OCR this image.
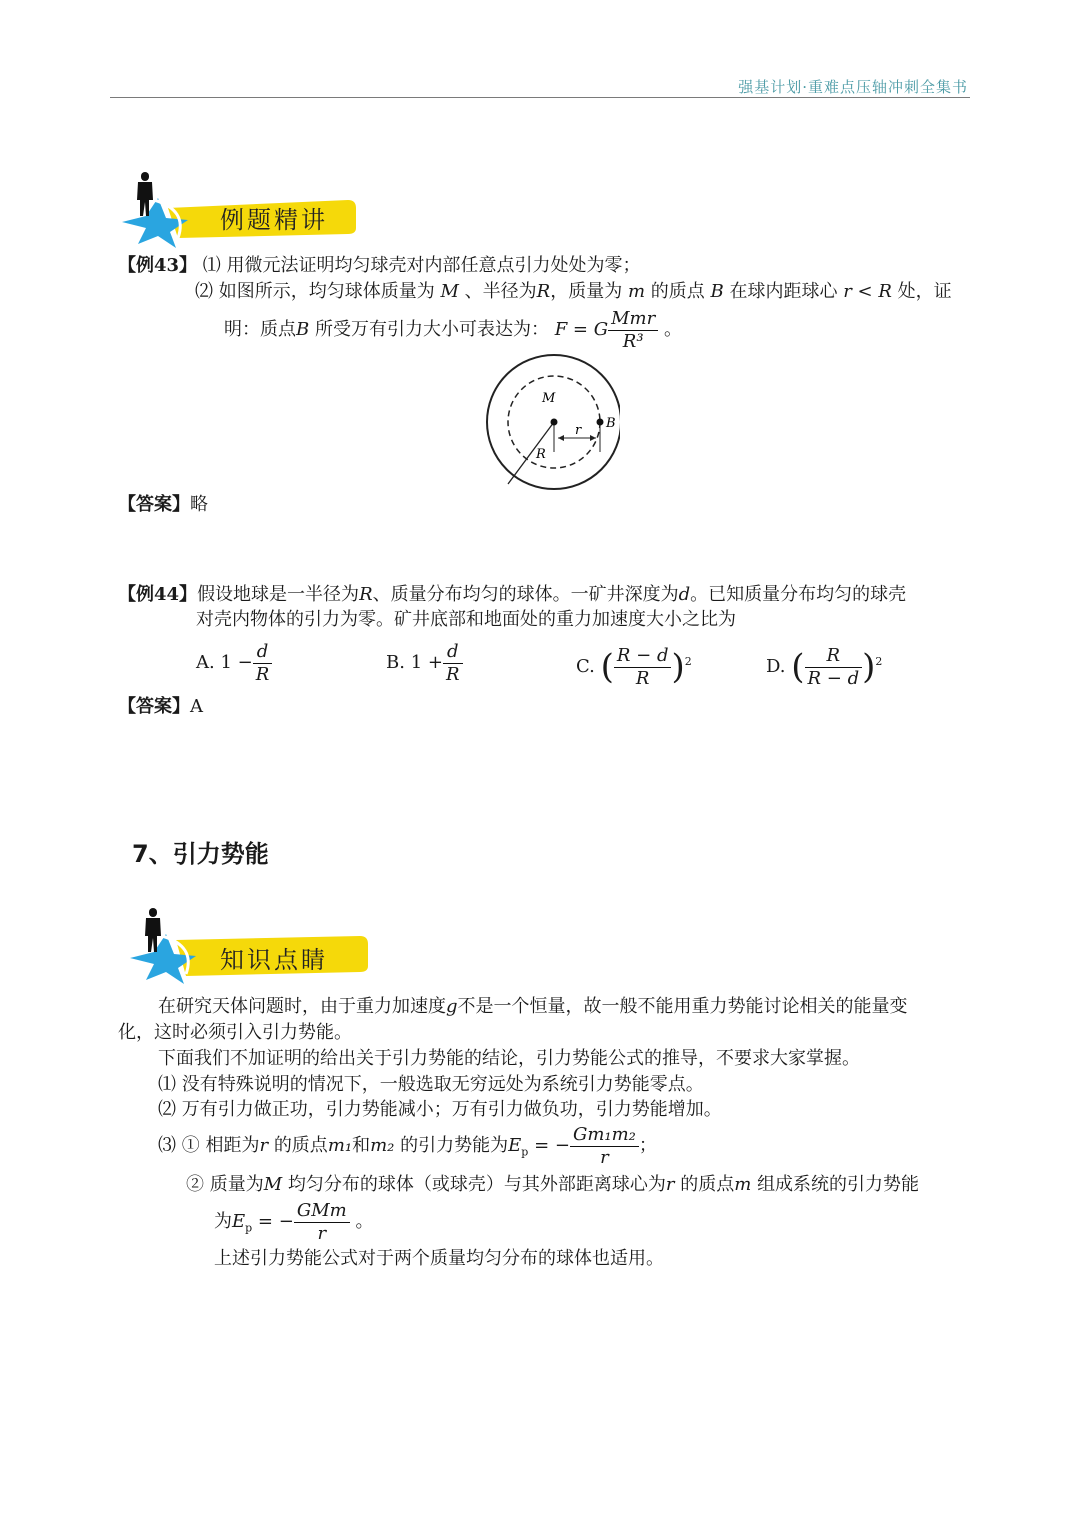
强基计划·重难点压轴冲刺全集书
例题精讲
【例43】 ⑴ 用微元法证明均匀球壳对内部任意点引力处处为零；
⑵ 如图所示，均匀球体质量为 M 、半径为R，质量为 m 的质点 B 在球内距球心 r < R 处，证
明：质点B 所受万有引力大小可表达为： F = G $\frac{\text{Mmr}}{\text{R³}}$ 。
M
r B
R
【答案】略
【例44】假设地球是一半径为R、质量分布均匀的球体。一矿井深度为d。已知质量分布均匀的球壳
对壳内物体的引力为零。矿井底部和地面处的重力加速度大小之比为
A. $1 - \frac{d}{R}$	B. $1 + \frac{d}{R}$	C. ( $\frac{R - d}{R} )^2$	D. ( $\frac{R}{R - d} )^2$
【答案】A
7、引力势能
知识点睛
在研究天体问题时，由于重力加速度g不是一个恒量，故一般不能用重力势能讨论相关的能量变
化，这时必须引入引力势能。
下面我们不加证明的给出关于引力势能的结论，引力势能公式的推导，不要求大家掌握。
⑴ 没有特殊说明的情况下，一般选取无穷远处为系统引力势能零点。
⑵ 万有引力做正功，引力势能减小；万有引力做负功，引力势能增加。
⑶ ① 相距为r 的质点m₁和m₂ 的引力势能为$E_p$ = − $\frac{\text{Gm₁m₂}}{r}$ ；
② 质量为M 均匀分布的球体（或球壳）与其外部距离球心为r 的质点m 组成系统的引力势能
为$E_p$ = − $\frac{\text{GMm}}{r}$ 。
上述引力势能公式对于两个质量均匀分布的球体也适用。
